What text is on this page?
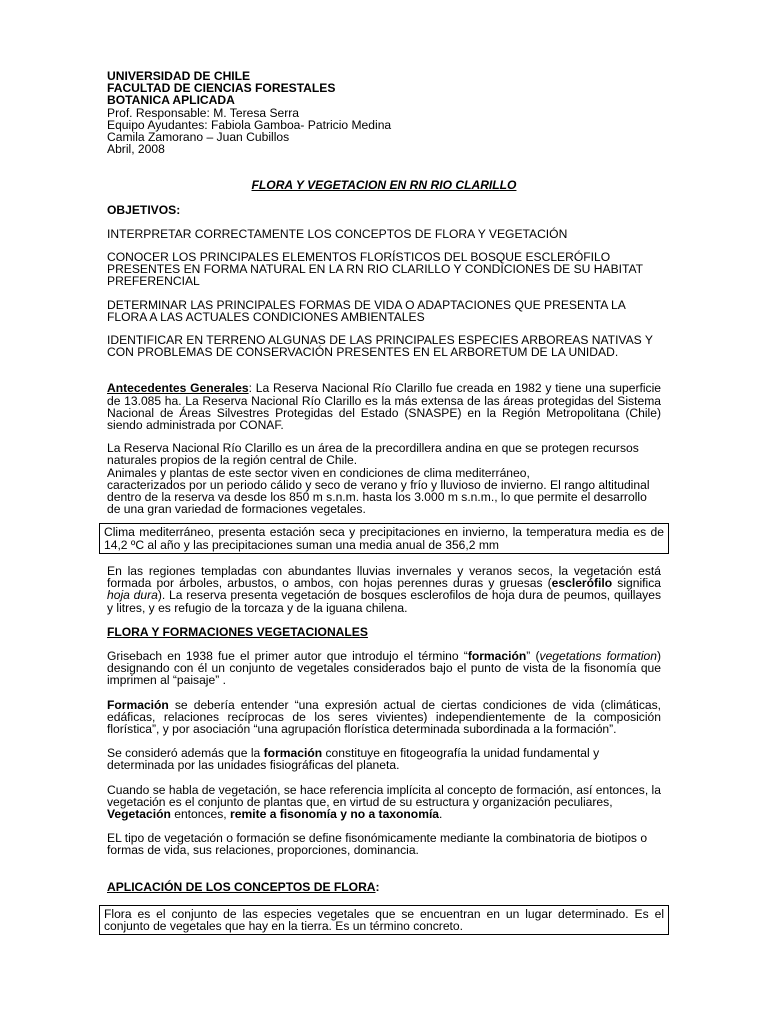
UNIVERSIDAD DE CHILE

FACULTAD DE CIENCIAS FORESTALES

BOTANICA APLICADA

Prof. Responsable: M. Teresa Serra

Equipo Ayudantes: Fabiola Gamboa- Patricio Medina

Camila Zamorano – Juan Cubillos

Abril, 2008

FLORA Y VEGETACION EN RN RIO CLARILLO

OBJETIVOS:

INTERPRETAR CORRECTAMENTE LOS CONCEPTOS DE FLORA Y VEGETACIÓN

CONOCER LOS PRINCIPALES ELEMENTOS FLORÍSTICOS DEL BOSQUE ESCLERÓFILO PRESENTES EN FORMA NATURAL EN LA RN RIO CLARILLO Y CONDICIONES DE SU HABITAT PREFERENCIAL

DETERMINAR LAS PRINCIPALES FORMAS DE VIDA O ADAPTACIONES QUE PRESENTA LA FLORA A LAS ACTUALES CONDICIONES AMBIENTALES

IDENTIFICAR EN TERRENO ALGUNAS DE LAS PRINCIPALES ESPECIES ARBOREAS NATIVAS Y CON PROBLEMAS DE CONSERVACIÓN PRESENTES EN EL ARBORETUM DE LA UNIDAD.

Antecedentes Generales: La Reserva Nacional Río Clarillo fue creada en 1982 y tiene una superficie de 13.085 ha. La Reserva Nacional Río Clarillo es la más extensa de las áreas protegidas del Sistema Nacional de Áreas Silvestres Protegidas del Estado (SNASPE) en la Región Metropolitana (Chile) siendo administrada por CONAF.

La Reserva Nacional Río Clarillo es un área de la precordillera andina en que se protegen recursos naturales propios de la región central de Chile.

Animales y plantas de este sector viven en condiciones de clima mediterráneo,

caracterizados por un periodo cálido y seco de verano y frío y lluvioso de invierno. El rango altitudinal dentro de la reserva va desde los 850 m s.n.m. hasta los 3.000 m s.n.m., lo que permite el desarrollo de una gran variedad de formaciones vegetales.

Clima mediterráneo, presenta estación seca y precipitaciones en invierno, la temperatura media es de 14,2 ºC al año y las precipitaciones suman una media anual de 356,2 mm

En las regiones templadas con abundantes lluvias invernales y veranos secos, la vegetación está formada por árboles, arbustos, o ambos, con hojas perennes duras y gruesas (esclerófilo significa hoja dura). La reserva presenta vegetación de bosques esclerofilos de hoja dura de peumos, quillayes y litres, y es refugio de la torcaza y de la iguana chilena.

FLORA Y FORMACIONES VEGETACIONALES

Grisebach en 1938 fue el primer autor que introdujo el término “formación” (vegetations formation) designando con él un conjunto de vegetales considerados bajo el punto de vista de la fisonomía que imprimen al “paisaje” .

Formación se debería entender “una expresión actual de ciertas condiciones de vida (climáticas, edáficas, relaciones recíprocas de los seres vivientes) independientemente de la composición florística”, y por asociación “una agrupación florística determinada subordinada a la formación”.

Se consideró además que la formación constituye en fitogeografía la unidad fundamental y determinada por las unidades fisiográficas del planeta.

Cuando se habla de vegetación, se hace referencia implícita al concepto de formación, así entonces, la vegetación es el conjunto de plantas que, en virtud de su estructura y organización peculiares, Vegetación entonces, remite a fisonomía y no a taxonomía.

EL tipo de vegetación o formación se define fisonómicamente mediante la combinatoria de biotipos o formas de vida, sus relaciones, proporciones, dominancia.

APLICACIÓN DE LOS CONCEPTOS DE FLORA:

Flora es el conjunto de las especies vegetales que se encuentran en un lugar determinado. Es el conjunto de vegetales que hay en la tierra. Es un término concreto.
